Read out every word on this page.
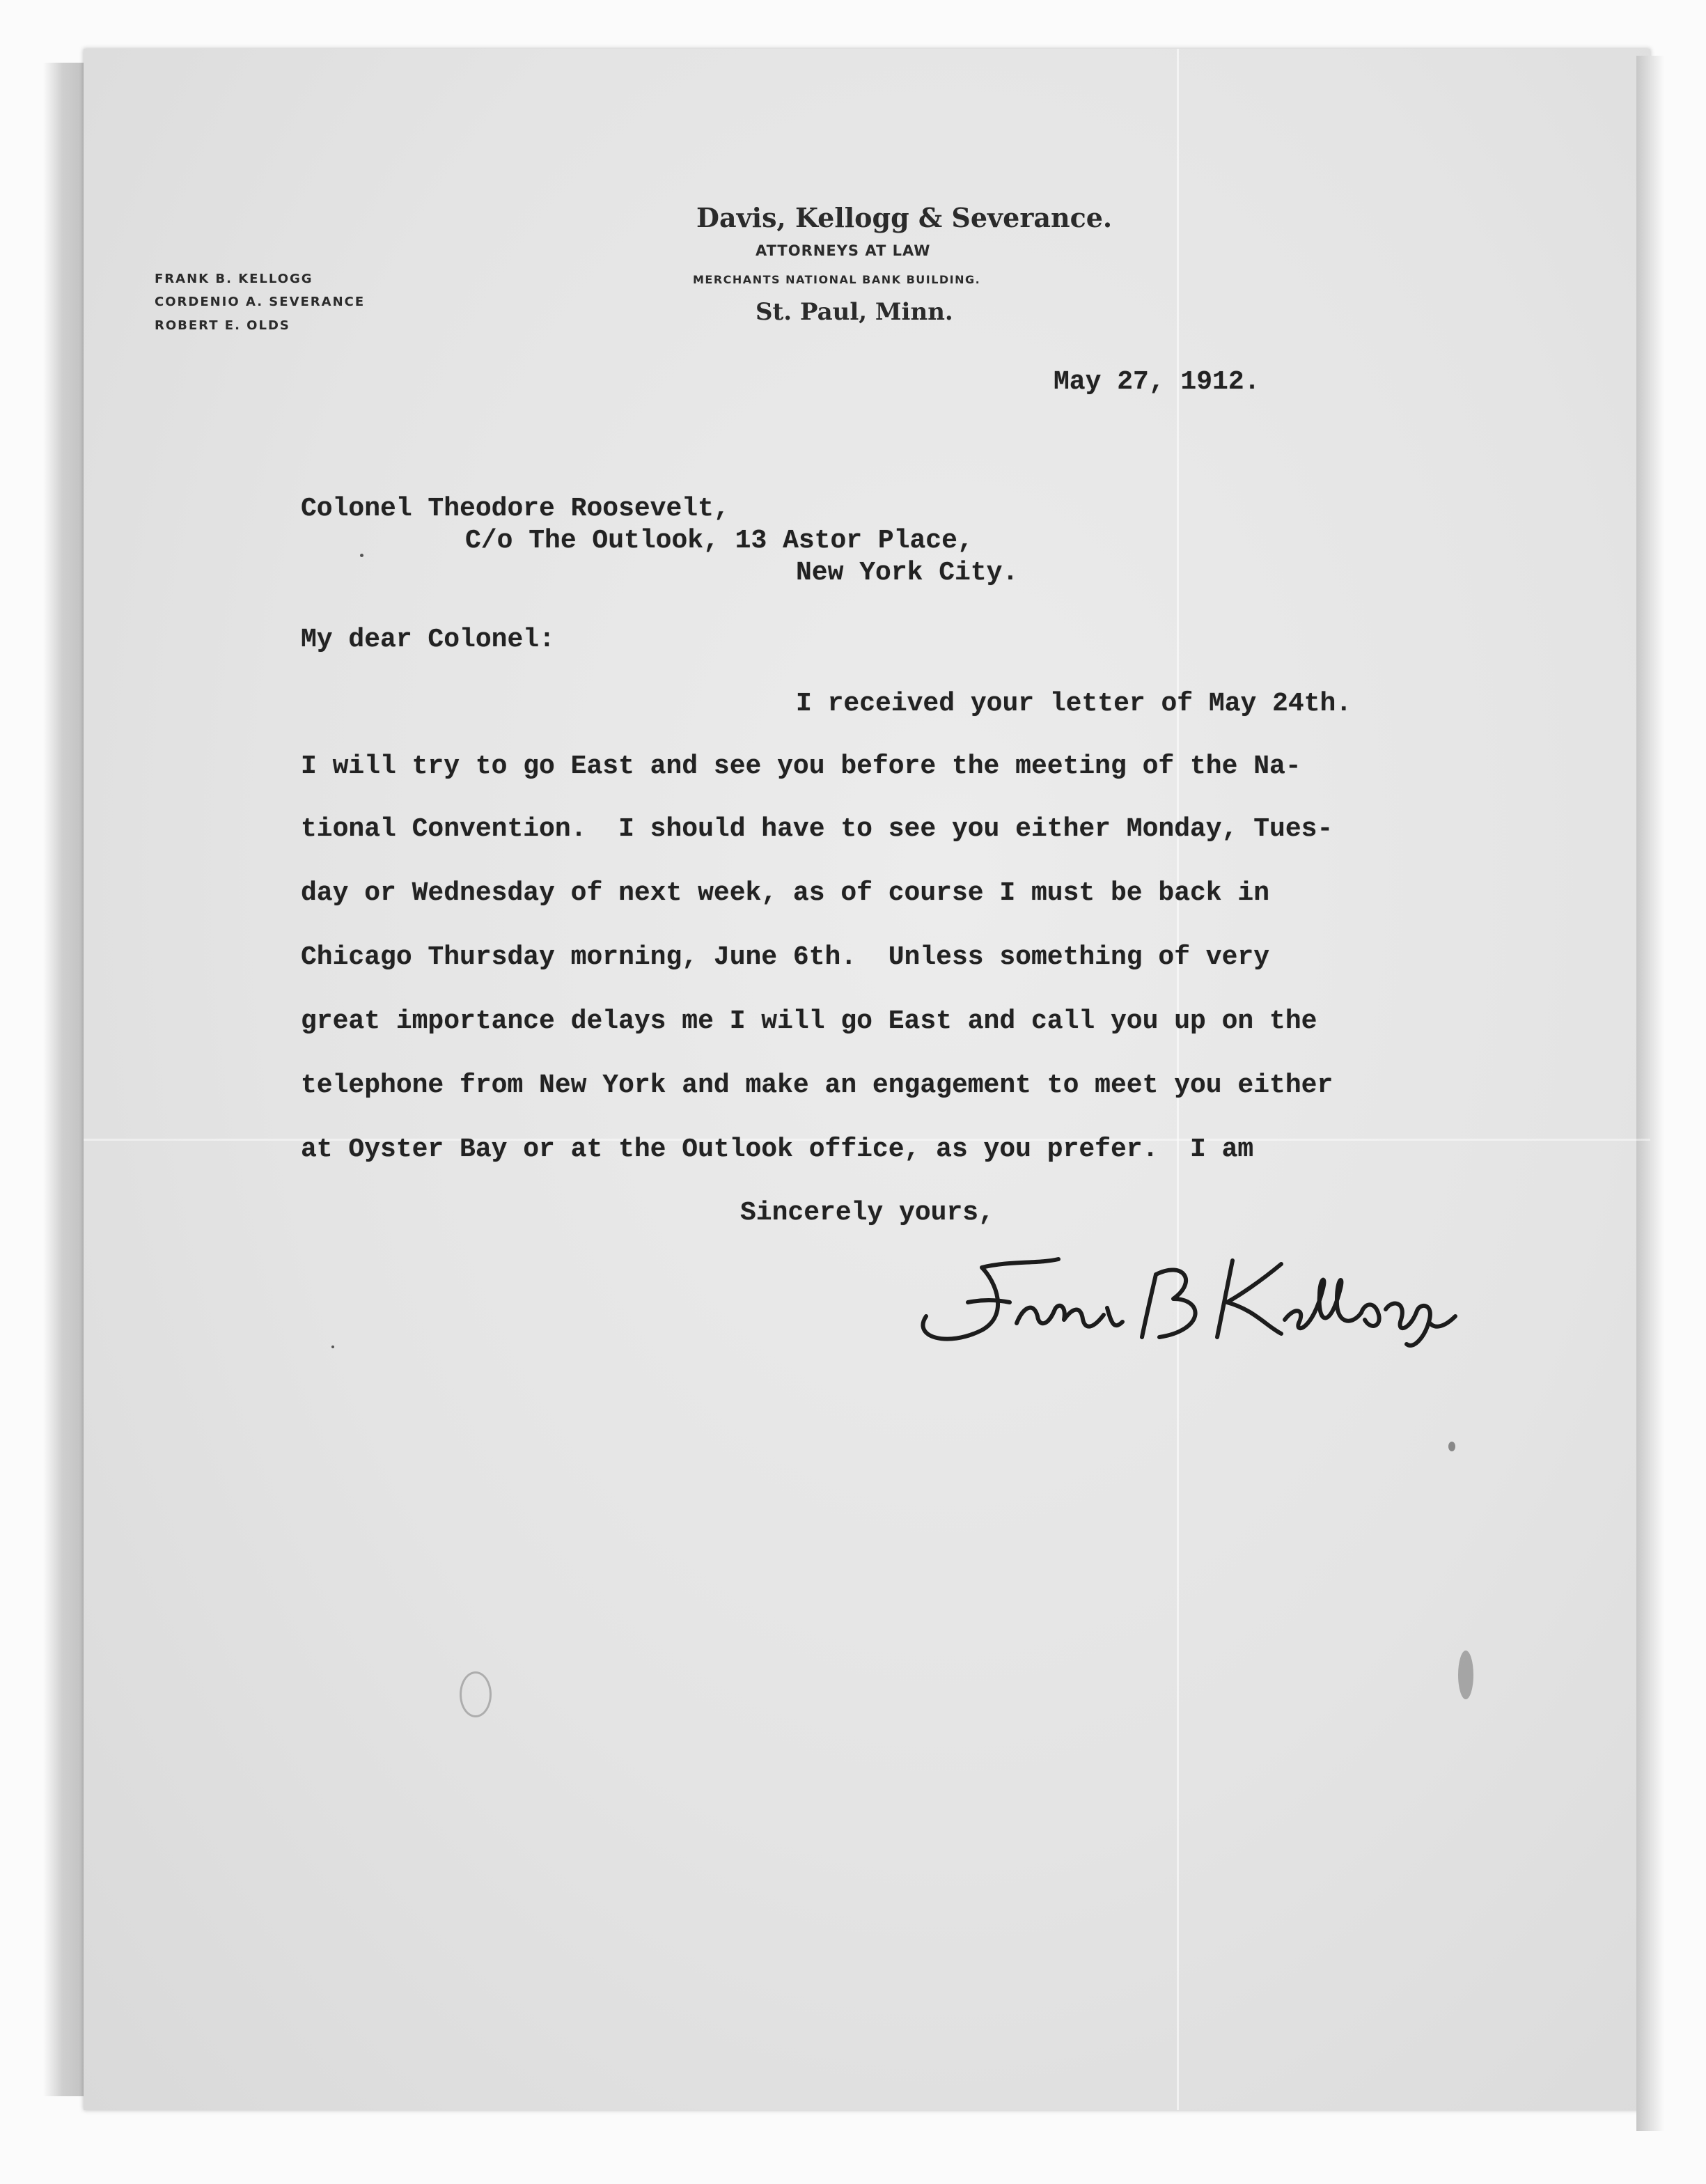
Davis, Kellogg & Severance.
ATTORNEYS AT LAW
MERCHANTS NATIONAL BANK BUILDING.
St. Paul, Minn.
FRANK B. KELLOGG
CORDENIO A. SEVERANCE
ROBERT E. OLDS
May 27, 1912.
Colonel Theodore Roosevelt,
C/o The Outlook, 13 Astor Place,
New York City.
My dear Colonel:
I received your letter of May 24th.
I will try to go East and see you before the meeting of the Na-
tional Convention.  I should have to see you either Monday, Tues-
day or Wednesday of next week, as of course I must be back in
Chicago Thursday morning, June 6th.  Unless something of very
great importance delays me I will go East and call you up on the
telephone from New York and make an engagement to meet you either
at Oyster Bay or at the Outlook office, as you prefer.  I am
Sincerely yours,
